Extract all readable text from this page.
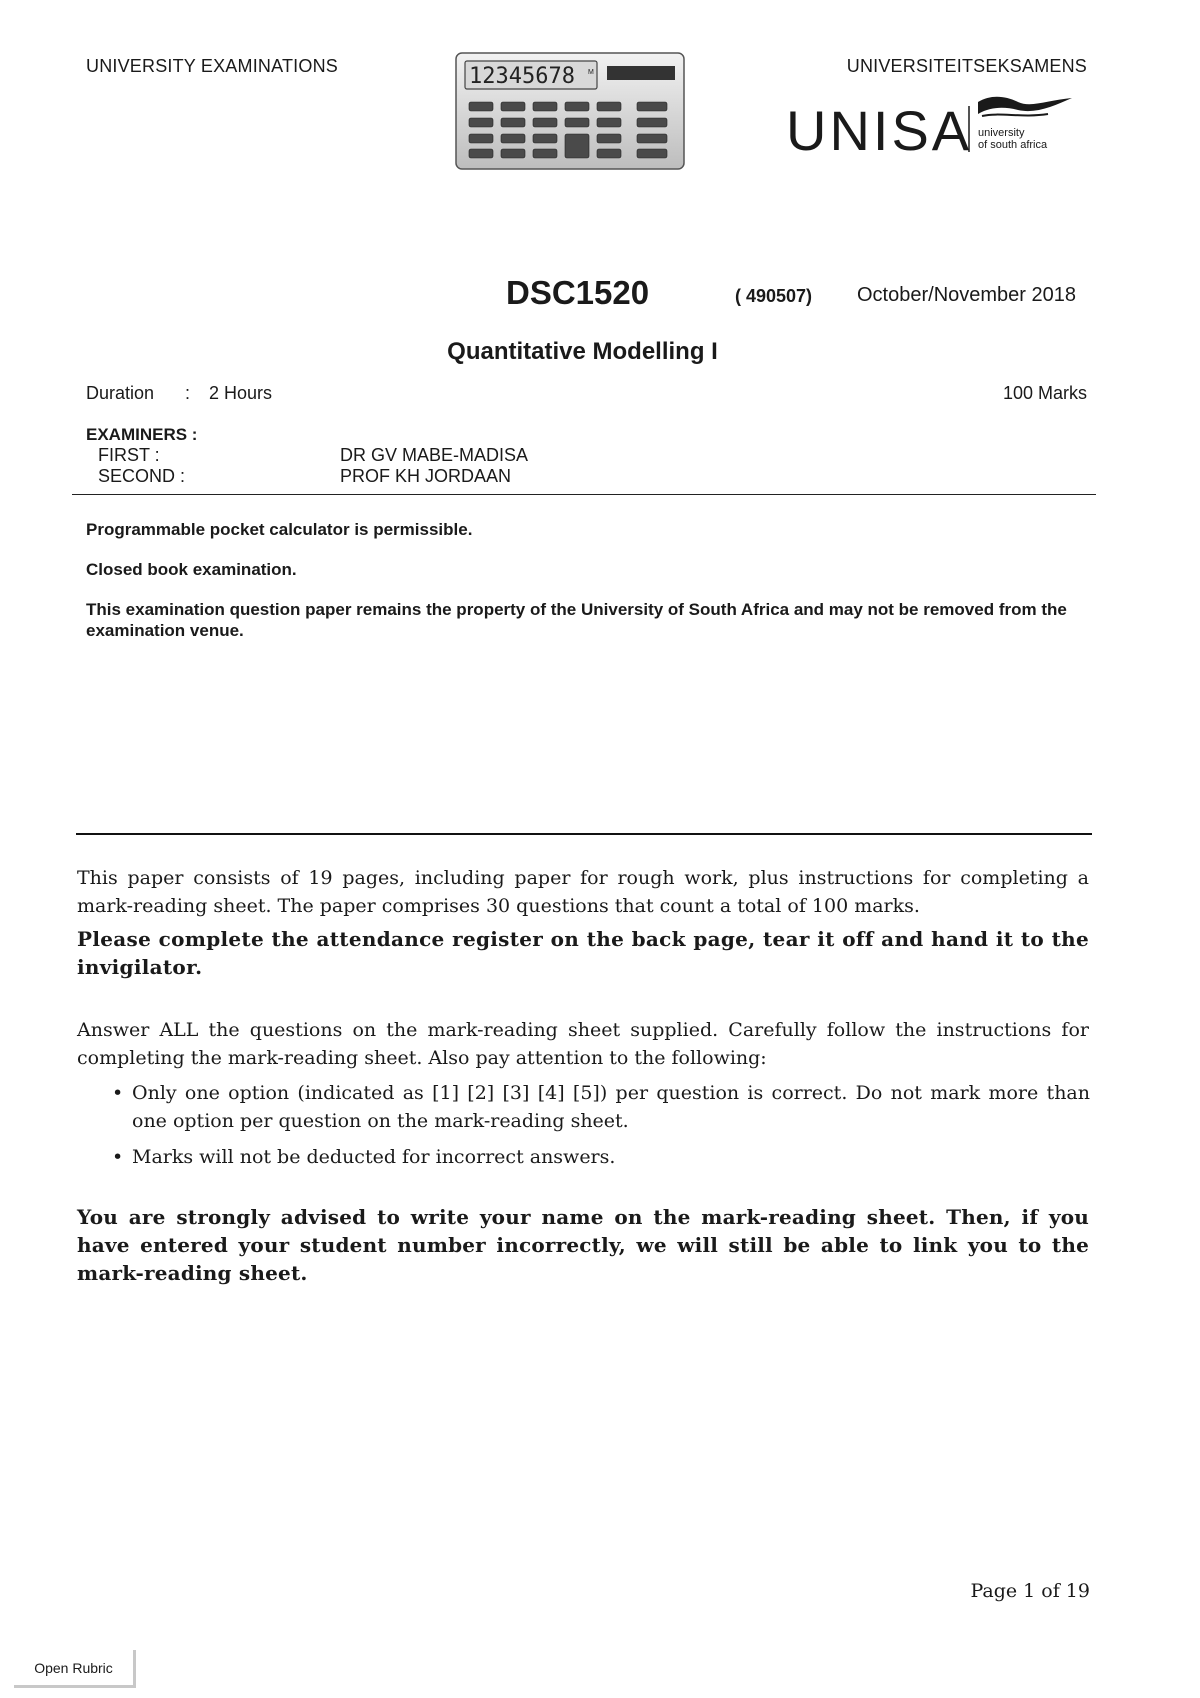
UNIVERSITY EXAMINATIONS	UNIVERSITEITSEKSAMENS
12345678 M
UNISA university
of south africa
DSC1520	( 490507) October/November 2018
Quantitative Modelling I
Duration : 2 Hours	100 Marks
EXAMINERS :
FIRST :	DR GV MABE-MADISA
SECOND :	PROF KH JORDAAN
Programmable pocket calculator is permissible.
Closed book examination.
This examination question paper remains the property of the University of South Africa and may not be removed from the examination venue.
This paper consists of 19 pages, including paper for rough work, plus instructions for completing a mark-reading sheet. The paper comprises 30 questions that count a total of 100 marks.
Please complete the attendance register on the back page, tear it off and hand it to the invigilator.
Answer ALL the questions on the mark-reading sheet supplied. Carefully follow the instructions for completing the mark-reading sheet. Also pay attention to the following:
• Only one option (indicated as [1] [2] [3] [4] [5]) per question is correct. Do not mark more than one option per question on the mark-reading sheet.
• Marks will not be deducted for incorrect answers.
You are strongly advised to write your name on the mark-reading sheet. Then, if you have entered your student number incorrectly, we will still be able to link you to the mark-reading sheet.
Page 1 of 19
Open Rubric
